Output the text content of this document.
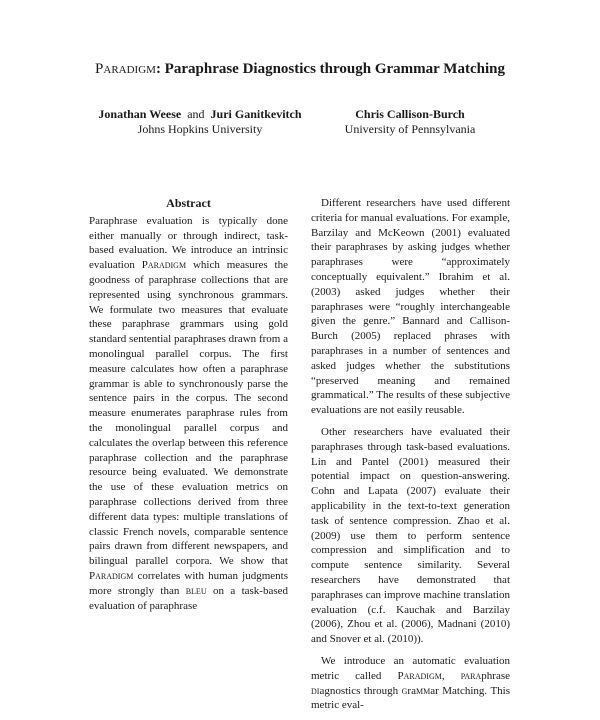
Paradigm: Paraphrase Diagnostics through Grammar Matching
Jonathan Weese and Juri Ganitkevitch
Johns Hopkins University
Chris Callison-Burch
University of Pennsylvania
Abstract

Paraphrase evaluation is typically done either manually or through indirect, task-based evaluation. We introduce an intrinsic evaluation Paradigm which measures the goodness of paraphrase collections that are represented using synchronous grammars. We formulate two measures that evaluate these paraphrase grammars using gold standard sentential paraphrases drawn from a monolingual parallel corpus. The first measure calculates how often a paraphrase grammar is able to synchronously parse the sentence pairs in the corpus. The second measure enumerates paraphrase rules from the monolingual parallel corpus and calculates the overlap between this reference paraphrase collection and the paraphrase resource being evaluated. We demonstrate the use of these evaluation metrics on paraphrase collections derived from three different data types: multiple translations of classic French novels, comparable sentence pairs drawn from different newspapers, and bilingual parallel corpora. We show that Paradigm correlates with human judgments more strongly than bleu on a task-based evaluation of paraphrase

Different researchers have used different criteria for manual evaluations. For example, Barzilay and McKeown (2001) evaluated their paraphrases by asking judges whether paraphrases were “approximately conceptually equivalent.” Ibrahim et al. (2003) asked judges whether their paraphrases were “roughly interchangeable given the genre.” Bannard and Callison-Burch (2005) replaced phrases with paraphrases in a number of sentences and asked judges whether the substitutions “preserved meaning and remained grammatical.” The results of these subjective evaluations are not easily reusable.

Other researchers have evaluated their paraphrases through task-based evaluations. Lin and Pantel (2001) measured their potential impact on question-answering. Cohn and Lapata (2007) evaluate their applicability in the text-to-text generation task of sentence compression. Zhao et al. (2009) use them to perform sentence compression and simplification and to compute sentence similarity. Several researchers have demonstrated that paraphrases can improve machine translation evaluation (c.f. Kauchak and Barzilay (2006), Zhou et al. (2006), Madnani (2010) and Snover et al. (2010)).

We introduce an automatic evaluation metric called Paradigm, paraphrase diagnostics through grammar Matching. This metric eval-
